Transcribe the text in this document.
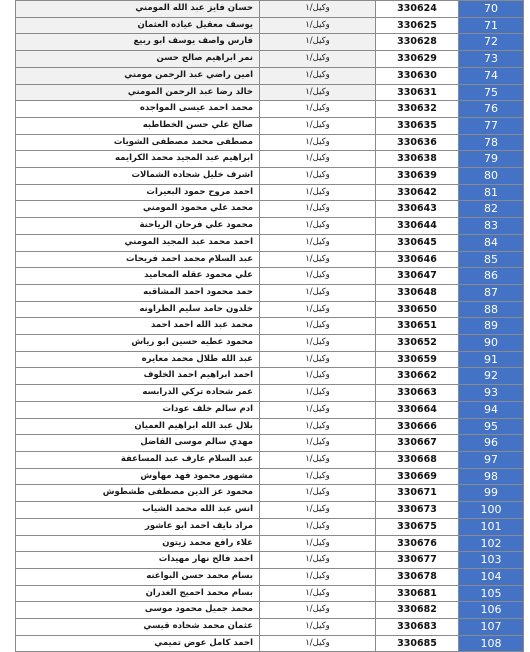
حسان فايز عبد الله المومني	وكيل/١	330624	70
يوسف معقيل عياده العثمان	وكيل/١	330625	71
فارس واصف يوسف ابو ربيع	وكيل/١	330628	72
نمر ابراهيم صالح حسن	وكيل/١	330629	73
امين راضي عبد الرحمن مومني	وكيل/١	330630	74
خالد رضا عبد الرحمن المومني	وكيل/١	330631	75
محمد احمد عيسى المواجده	وكيل/١	330632	76
صالح علي حسن الخطاطبه	وكيل/١	330635	77
مصطفى محمد مصطفى الشويات	وكيل/١	330636	78
ابراهيم عبد المجيد محمد الكرايمه	وكيل/١	330638	79
اشرف خليل شحاده الشمالات	وكيل/١	330639	80
احمد مروح حمود البعيرات	وكيل/١	330642	81
محمد علي محمود المومني	وكيل/١	330643	82
محمود علي فرحان الرياحنة	وكيل/١	330644	83
احمد محمد عبد المجيد المومني	وكيل/١	330645	84
عبد السلام محمد احمد فريحات	وكيل/١	330646	85
علي محمود عقله المحاميد	وكيل/١	330647	86
حمد محمود احمد المشاقبه	وكيل/١	330648	87
خلدون حامد سليم الطراونه	وكيل/١	330650	88
محمد عبد الله احمد احمد	وكيل/١	330651	89
محمود عطيه حسين ابو رياش	وكيل/١	330652	90
عبد الله طلال محمد معايره	وكيل/١	330659	91
احمد ابراهيم احمد الخلوف	وكيل/١	330662	92
عمر شحاده تركي الدرابسه	وكيل/١	330663	93
ادم سالم خلف عودات	وكيل/١	330664	94
بلال عبد الله ابراهيم العميان	وكيل/١	330666	95
مهدي سالم موسى القاضل	وكيل/١	330667	96
عبد السلام عارف عبد المساعفة	وكيل/١	330668	97
مشهور محمود فهد مهاوش	وكيل/١	330669	98
محمود عز الدين مصطفى طشطوش	وكيل/١	330671	99
انس عبد الله محمد الشياب	وكيل/١	330673	100
مراد نايف احمد ابو عاشور	وكيل/١	330675	101
علاء رافع محمد زيتون	وكيل/١	330676	102
احمد فالح نهار مهيدات	وكيل/١	330677	103
بسام محمد حسن البواعنه	وكيل/١	330678	104
بسام محمد احميج الغدران	وكيل/١	330681	105
محمد جميل محمود موسى	وكيل/١	330682	106
عثمان محمد شحاده قيسي	وكيل/١	330683	107
احمد كامل عوض تميمي	وكيل/١	330685	108
